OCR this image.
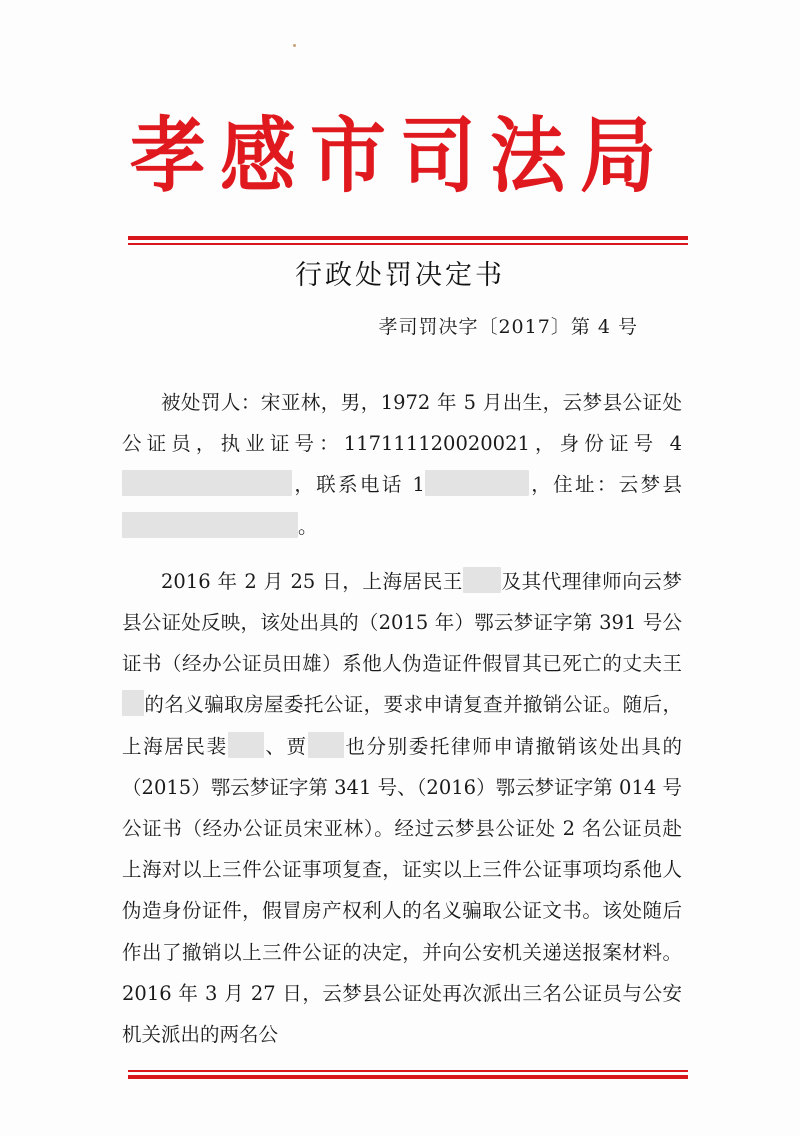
孝感市司法局
行政处罚决定书
孝司罚决字〔2017〕第 4 号

被处罚人：宋亚林，男，1972 年 5 月出生，云梦县公证处公证员，执业证号：117111120020021，身份证号 4，联系电话 1	，住址：云梦县。

2016 年 2 月 25 日，上海居民王 及其代理律师向云梦县公证处反映，该处出具的（2015 年）鄂云梦证字第 391 号公证书（经办公证员田雄）系他人伪造证件假冒其已死亡的丈夫王的名义骗取房屋委托公证，要求申请复查并撤销公证。随后，上海居民裴 、贾 也分别委托律师申请撤销该处出具的（2015）鄂云梦证字第 341 号、（2016）鄂云梦证字第 014 号公证书（经办公证员宋亚林）。经过云梦县公证处 2 名公证员赴上海对以上三件公证事项复查，证实以上三件公证事项均系他人伪造身份证件，假冒房产权利人的名义骗取公证文书。该处随后作出了撤销以上三件公证的决定，并向公安机关递送报案材料。2016 年 3 月 27 日，云梦县公证处再次派出三名公证员与公安机关派出的两名公
